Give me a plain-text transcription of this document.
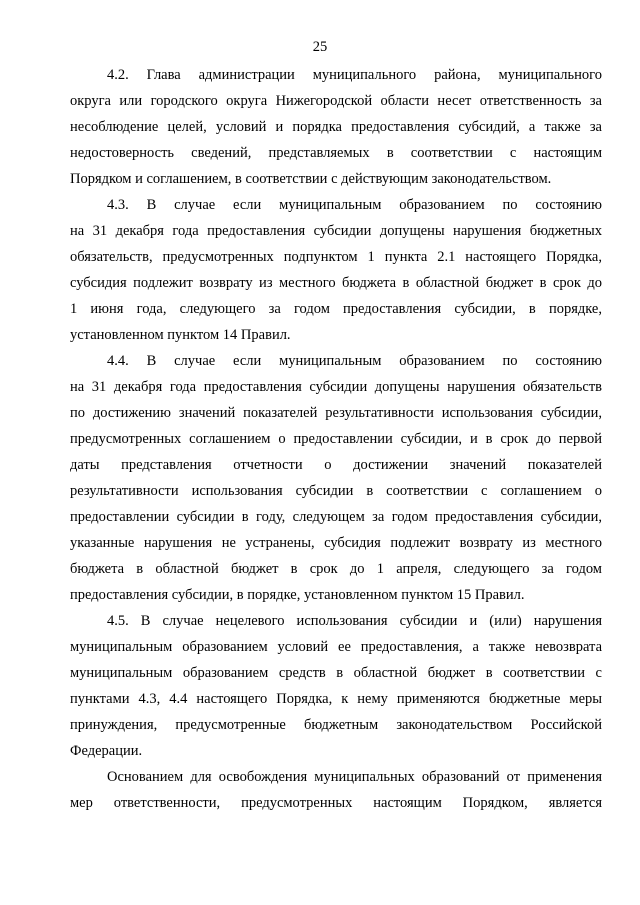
25
4.2. Глава администрации муниципального района, муниципального
округа или городского округа Нижегородской области несет ответственность за
несоблюдение целей, условий и порядка предоставления субсидий, а также за
недостоверность сведений, представляемых в соответствии с настоящим
Порядком и соглашением, в соответствии с действующим законодательством.
4.3. В случае если муниципальным образованием по состоянию
на 31 декабря года предоставления субсидии допущены нарушения бюджетных
обязательств, предусмотренных подпунктом 1 пункта 2.1 настоящего Порядка,
субсидия подлежит возврату из местного бюджета в областной бюджет в срок до
1 июня года, следующего за годом предоставления субсидии, в порядке,
установленном пунктом 14 Правил.
4.4. В случае если муниципальным образованием по состоянию
на 31 декабря года предоставления субсидии допущены нарушения обязательств
по достижению значений показателей результативности использования субсидии,
предусмотренных соглашением о предоставлении субсидии, и в срок до первой
даты представления отчетности о достижении значений показателей
результативности использования субсидии в соответствии с соглашением о
предоставлении субсидии в году, следующем за годом предоставления субсидии,
указанные нарушения не устранены, субсидия подлежит возврату из местного
бюджета в областной бюджет в срок до 1 апреля, следующего за годом
предоставления субсидии, в порядке, установленном пунктом 15 Правил.
4.5. В случае нецелевого использования субсидии и (или) нарушения
муниципальным образованием условий ее предоставления, а также невозврата
муниципальным образованием средств в областной бюджет в соответствии с
пунктами 4.3, 4.4 настоящего Порядка, к нему применяются бюджетные меры
принуждения, предусмотренные бюджетным законодательством Российской
Федерации.
Основанием для освобождения муниципальных образований от применения
мер ответственности, предусмотренных настоящим Порядком, является
